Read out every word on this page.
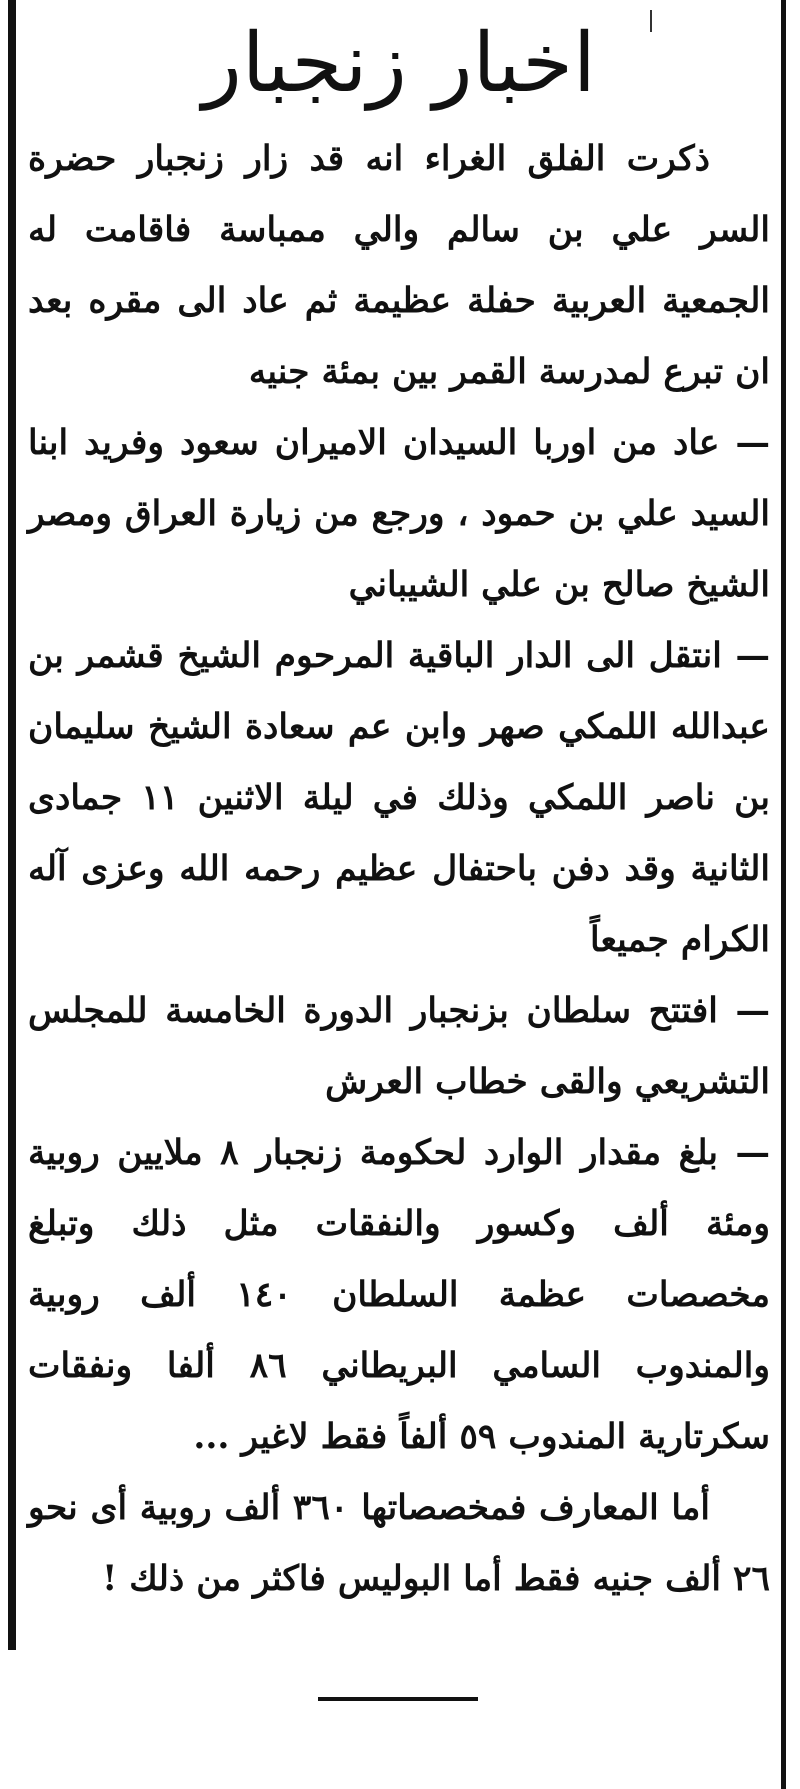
اخبار زنجبار

ذكرت الفلق الغراء انه قد زار زنجبار حضرة السر علي بن سالم والي ممباسة فاقامت له الجمعية العربية حفلة عظيمة ثم عاد الى مقره بعد ان تبرع لمدرسة القمر بين بمئة جنيه

— عاد من اوربا السيدان الاميران سعود وفريد ابنا السيد علي بن حمود ، ورجع من زيارة العراق ومصر الشيخ صالح بن علي الشيباني

— انتقل الى الدار الباقية المرحوم الشيخ قشمر بن عبدالله اللمكي صهر وابن عم سعادة الشيخ سليمان بن ناصر اللمكي وذلك في ليلة الاثنين ١١ جمادى الثانية وقد دفن باحتفال عظيم رحمه الله وعزى آله الكرام جميعاً

— افتتح سلطان بزنجبار الدورة الخامسة للمجلس التشريعي والقى خطاب العرش

— بلغ مقدار الوارد لحكومة زنجبار ٨ ملايين روبية ومئة ألف وكسور والنفقات مثل ذلك وتبلغ مخصصات عظمة السلطان ١٤٠ ألف روبية والمندوب السامي البريطاني ٨٦ ألفا ونفقات سكرتارية المندوب ٥٩ ألفاً فقط لاغير ...

أما المعارف فمخصصاتها ٣٦٠ ألف روبية أى نحو ٢٦ ألف جنيه فقط أما البوليس فاكثر من ذلك !
